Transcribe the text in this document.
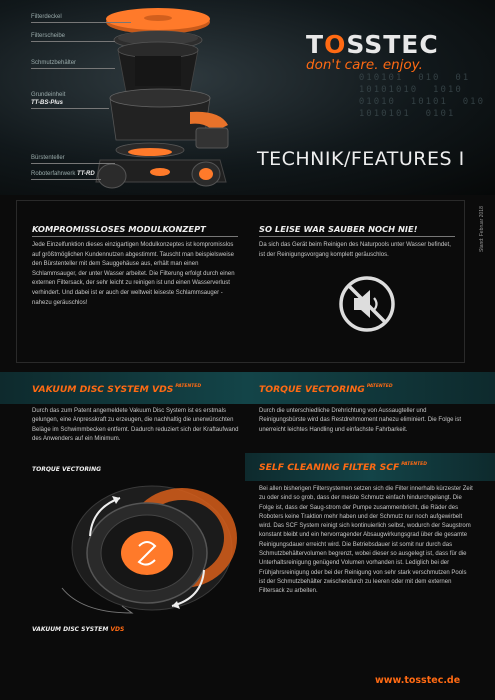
010101  010  01
10101010  1010
01010  10101  010
1010101  0101
Filterdeckel
Filterscheibe
Schmutzbehälter
Grundeinheit
TT-BS-Plus
Bürstenteller
Roboterfahrwerk TT-RD
TOSSTEC
don't care. enjoy.
TECHNIK/FEATURES I
KOMPROMISSLOSES MODULKONZEPT
Jede Einzelfunktion dieses einzigartigen Modulkonzeptes ist kompromisslos auf größtmöglichen Kundennutzen abgestimmt. Tauscht man beispielsweise den Bürstenteller mit dem Sauggehäuse aus, erhält man einen Schlammsauger, der unter Wasser arbeitet. Die Filterung erfolgt durch einen externen Filtersack, der sehr leicht zu reinigen ist und einen Wasserverlust verhindert. Und dabei ist er auch der weltweit leiseste Schlammsauger - nahezu geräuschlos!
SO LEISE WAR SAUBER NOCH NIE!
Da sich das Gerät beim Reinigen des Naturpools unter Wasser befindet, ist der Reinigungsvorgang komplett geräuschlos.
Stand: Februar 2018
VAKUUM DISC SYSTEM VDS $^{PATENTED}$	TORQUE VECTORING $^{PATENTED}$
Durch das zum Patent angemeldete Vakuum Disc System ist es erstmals gelungen, eine Anpresskraft zu erzeugen, die nachhaltig die unerwünschten Beläge im Schwimmbecken entfernt. Dadurch reduziert sich der Kraftaufwand des Anwenders auf ein Minimum.
Durch die unterschiedliche Drehrichtung von Aussaugteller und Reinigungsbürste wird das Restdrehmoment nahezu eliminiert. Die Folge ist unerreicht leichtes Handling und einfachste Fahrbarkeit.
SELF CLEANING FILTER SCF $^{PATENTED}$
Bei allen bisherigen Filtersystemen setzen sich die Filter innerhalb kürzester Zeit zu oder sind so grob, dass der meiste Schmutz einfach hindurchgelangt. Die Folge ist, dass der Saug-strom der Pumpe zusammenbricht, die Räder des Roboters keine Traktion mehr haben und der Schmutz nur noch aufgewirbelt wird. Das SCF System reinigt sich kontinuierlich selbst, wodurch der Saugstrom konstant bleibt und ein hervorragender Absaugwirkungsgrad über die gesamte Reinigungsdauer erreicht wird. Die Betriebsdauer ist somit nur durch das Schmutzbehältervolumen begrenzt, wobei dieser so ausgelegt ist, dass für die Unterhaltsreinigung genügend Volumen vorhanden ist. Lediglich bei der Frühjahrsreinigung oder bei der Reinigung von sehr stark verschmutzen Pools ist der Schmutzbehälter zwischendurch zu leeren oder mit dem externen Filtersack zu arbeiten.
TORQUE VECTORING
VAKUUM DISC SYSTEM VDS
www.tosstec.de
